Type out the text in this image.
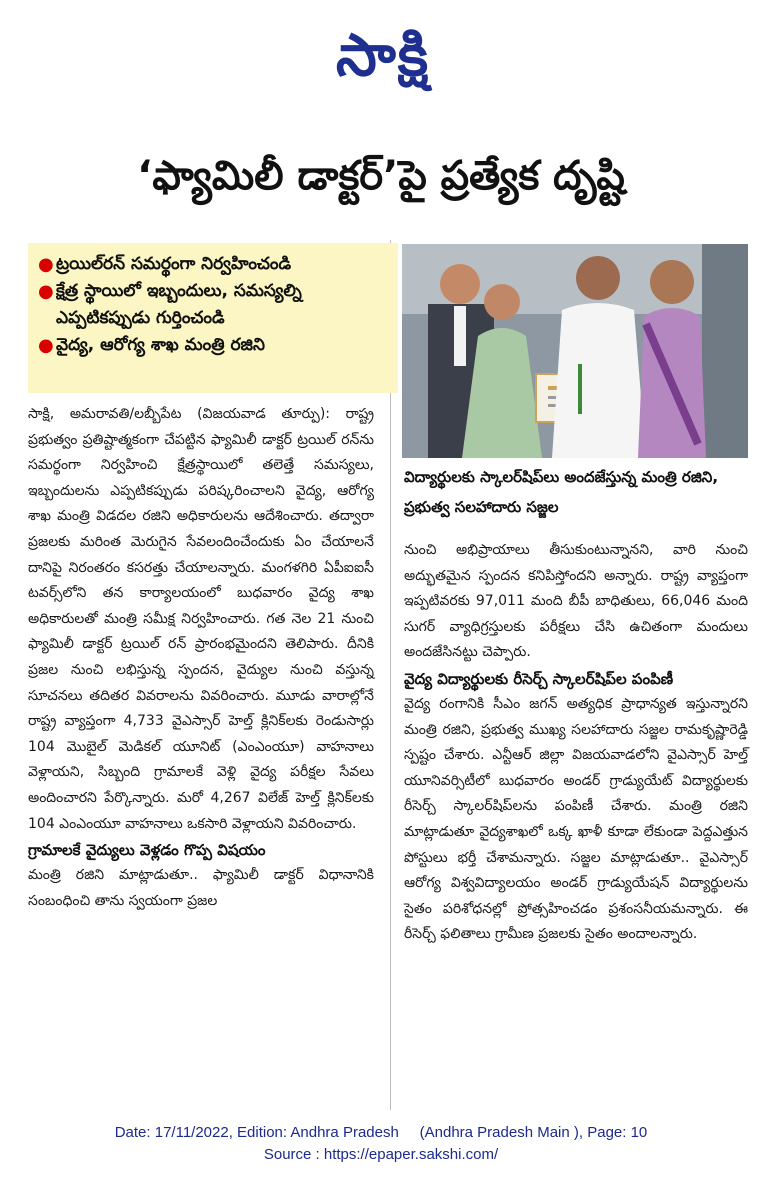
సాక్షి
‘ఫ్యామిలీ డాక్టర్’పై ప్రత్యేక దృష్టి
● ట్రయిల్‌రన్ సమర్థంగా నిర్వహించండి
● క్షేత్ర స్థాయిలో ఇబ్బందులు, సమస్యల్ని ఎప్పటికప్పుడు గుర్తించండి
● వైద్య, ఆరోగ్య శాఖ మంత్రి రజిని
విద్యార్థులకు స్కాలర్‌షిప్‌లు అందజేస్తున్న మంత్రి రజిని, ప్రభుత్వ సలహాదారు సజ్జల

సాక్షి, అమరావతి/లబ్బీపేట (విజయవాడ తూర్పు): రాష్ట్ర ప్రభుత్వం ప్రతిష్టాత్మకంగా చేపట్టిన ఫ్యామిలీ డాక్టర్ ట్రయిల్ రన్‌ను సమర్థంగా నిర్వహించి క్షేత్రస్థాయిలో తలెత్తే సమస్యలు, ఇబ్బందులను ఎప్పటికప్పుడు పరిష్కరించాలని వైద్య, ఆరోగ్య శాఖ మంత్రి విడదల రజిని అధికారులను ఆదేశించారు. తద్వారా ప్రజలకు మరింత మెరుగైన సేవలందించేందుకు ఏం చేయాలనే దానిపై నిరంతరం కసరత్తు చేయాలన్నారు. మంగళగిరి ఏపీఐఐసీ టవర్స్‌లోని తన కార్యాలయంలో బుధవారం వైద్య శాఖ అధికారులతో మంత్రి సమీక్ష నిర్వహించారు. గత నెల 21 నుంచి ఫ్యామిలీ డాక్టర్ ట్రయిల్ రన్ ప్రారంభమైందని తెలిపారు. దీనికి ప్రజల నుంచి లభిస్తున్న స్పందన, వైద్యుల నుంచి వస్తున్న సూచనలు తదితర వివరాలను వివరించారు. మూడు వారాల్లోనే రాష్ట్ర వ్యాప్తంగా 4,733 వైఎస్సార్ హెల్త్ క్లినిక్‌లకు రెండుసార్లు 104 మొబైల్ మెడికల్ యూనిట్ (ఎంఎంయూ) వాహనాలు వెళ్లాయని, సిబ్బంది గ్రామాలకే వెళ్లి వైద్య పరీక్షల సేవలు అందించారని పేర్కొన్నారు. మరో 4,267 విలేజ్ హెల్త్ క్లినిక్‌లకు 104 ఎంఎంయూ వాహనాలు ఒకసారి వెళ్లాయని వివరించారు.

గ్రామాలకే వైద్యులు వెళ్లడం గొప్ప విషయం

మంత్రి రజిని మాట్లాడుతూ.. ఫ్యామిలీ డాక్టర్ విధానానికి సంబంధించి తాను స్వయంగా ప్రజల

నుంచి అభిప్రాయాలు తీసుకుంటున్నానని, వారి నుంచి అద్భుతమైన స్పందన కనిపిస్తోందని అన్నారు. రాష్ట్ర వ్యాప్తంగా ఇప్పటివరకు 97,011 మంది బీపీ బాధితులు, 66,046 మంది సుగర్ వ్యాధిగ్రస్తులకు పరీక్షలు చేసి ఉచితంగా మందులు అందజేసినట్టు చెప్పారు.

వైద్య విద్యార్థులకు రీసెర్చ్ స్కాలర్‌షిప్‌ల పంపిణీ

వైద్య రంగానికి సీఎం జగన్ అత్యధిక ప్రాధాన్యత ఇస్తున్నారని మంత్రి రజిని, ప్రభుత్వ ముఖ్య సలహాదారు సజ్జల రామకృష్ణారెడ్డి స్పష్టం చేశారు. ఎన్టీఆర్ జిల్లా విజయవాడలోని వైఎస్సార్ హెల్త్ యూనివర్సిటీలో బుధవారం అండర్ గ్రాడ్యుయేట్ విద్యార్థులకు రీసెర్చ్ స్కాలర్‌షిప్‌లను పంపిణీ చేశారు. మంత్రి రజిని మాట్లాడుతూ వైద్యశాఖలో ఒక్క ఖాళీ కూడా లేకుండా పెద్దఎత్తున పోస్టులు భర్తీ చేశామన్నారు. సజ్జల మాట్లాడుతూ.. వైఎస్సార్ ఆరోగ్య విశ్వవిద్యాలయం అండర్ గ్రాడ్యుయేషన్ విద్యార్థులను సైతం పరిశోధనల్లో ప్రోత్సహించడం ప్రశంసనీయమన్నారు. ఈ రీసెర్చ్ ఫలితాలు గ్రామీణ ప్రజలకు సైతం అందాలన్నారు.

Date: 17/11/2022, Edition: Andhra Pradesh     (Andhra Pradesh Main ), Page: 10
Source : https://epaper.sakshi.com/
